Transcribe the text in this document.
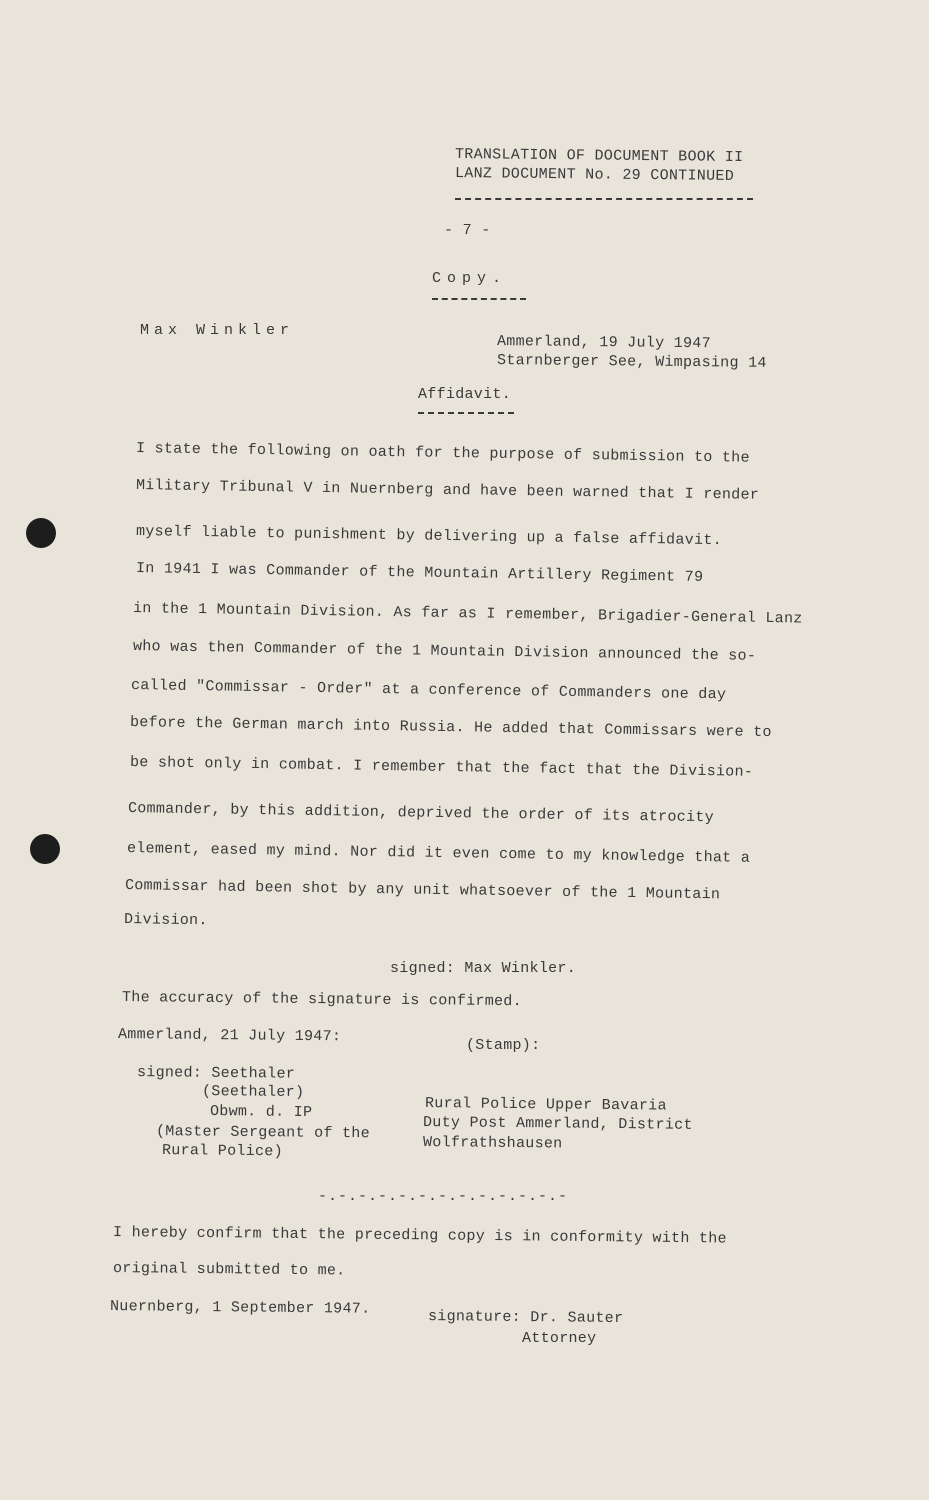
TRANSLATION OF DOCUMENT BOOK II
LANZ DOCUMENT No. 29 CONTINUED
- 7 -
Copy.
Max Winkler
Ammerland, 19 July 1947
Starnberger See, Wimpasing 14
Affidavit.
I state the following on oath for the purpose of submission to the
Military Tribunal V in Nuernberg and have been warned that I render
myself liable to punishment by delivering up a false affidavit.
In 1941 I was Commander of the Mountain Artillery Regiment 79
in the 1 Mountain Division. As far as I remember, Brigadier-General Lanz
who was then Commander of the 1 Mountain Division announced the so-
called "Commissar - Order" at a conference of Commanders one day
before the German march into Russia. He added that Commissars were to
be shot only in combat. I remember that the fact that the Division-
Commander, by this addition, deprived the order of its atrocity
element, eased my mind. Nor did it even come to my knowledge that a
Commissar had been shot by any unit whatsoever of the 1 Mountain
Division.
signed: Max Winkler.
The accuracy of the signature is confirmed.
Ammerland, 21 July 1947:
(Stamp):
signed: Seethaler
(Seethaler)
Obwm. d. IP
(Master Sergeant of the
Rural Police)
Rural Police Upper Bavaria
Duty Post Ammerland, District
Wolfrathshausen
-.-.-.-.-.-.-.-.-.-.-.-.-
I hereby confirm that the preceding copy is in conformity with the
original submitted to me.
Nuernberg, 1 September 1947.	signature: Dr. Sauter
Attorney
